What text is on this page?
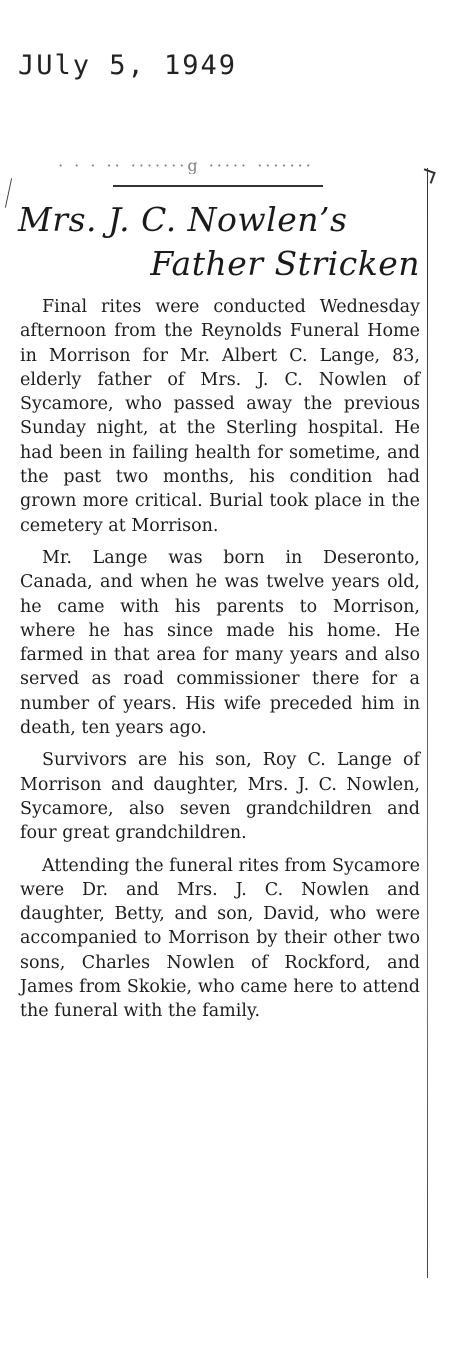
JUly 5, 1949
· · · ·· ·······g ····· ·······
Mrs. J. C. Nowlen’s
Father Stricken

Final rites were conducted Wednesday afternoon from the Reynolds Funeral Home in Morrison for Mr. Albert C. Lange, 83, elderly father of Mrs. J. C. Nowlen of Sycamore, who passed away the previous Sunday night, at the Sterling hospital. He had been in failing health for sometime, and the past two months, his condition had grown more critical. Burial took place in the cemetery at Morrison.

Mr. Lange was born in Deseronto, Canada, and when he was twelve years old, he came with his parents to Morrison, where he has since made his home. He farmed in that area for many years and also served as road commissioner there for a number of years. His wife preceded him in death, ten years ago.

Survivors are his son, Roy C. Lange of Morrison and daughter, Mrs. J. C. Nowlen, Sycamore, also seven grandchildren and four great grandchildren.

Attending the funeral rites from Sycamore were Dr. and Mrs. J. C. Nowlen and daughter, Betty, and son, David, who were accompanied to Morrison by their other two sons, Charles Nowlen of Rockford, and James from Skokie, who came here to attend the funeral with the family.
